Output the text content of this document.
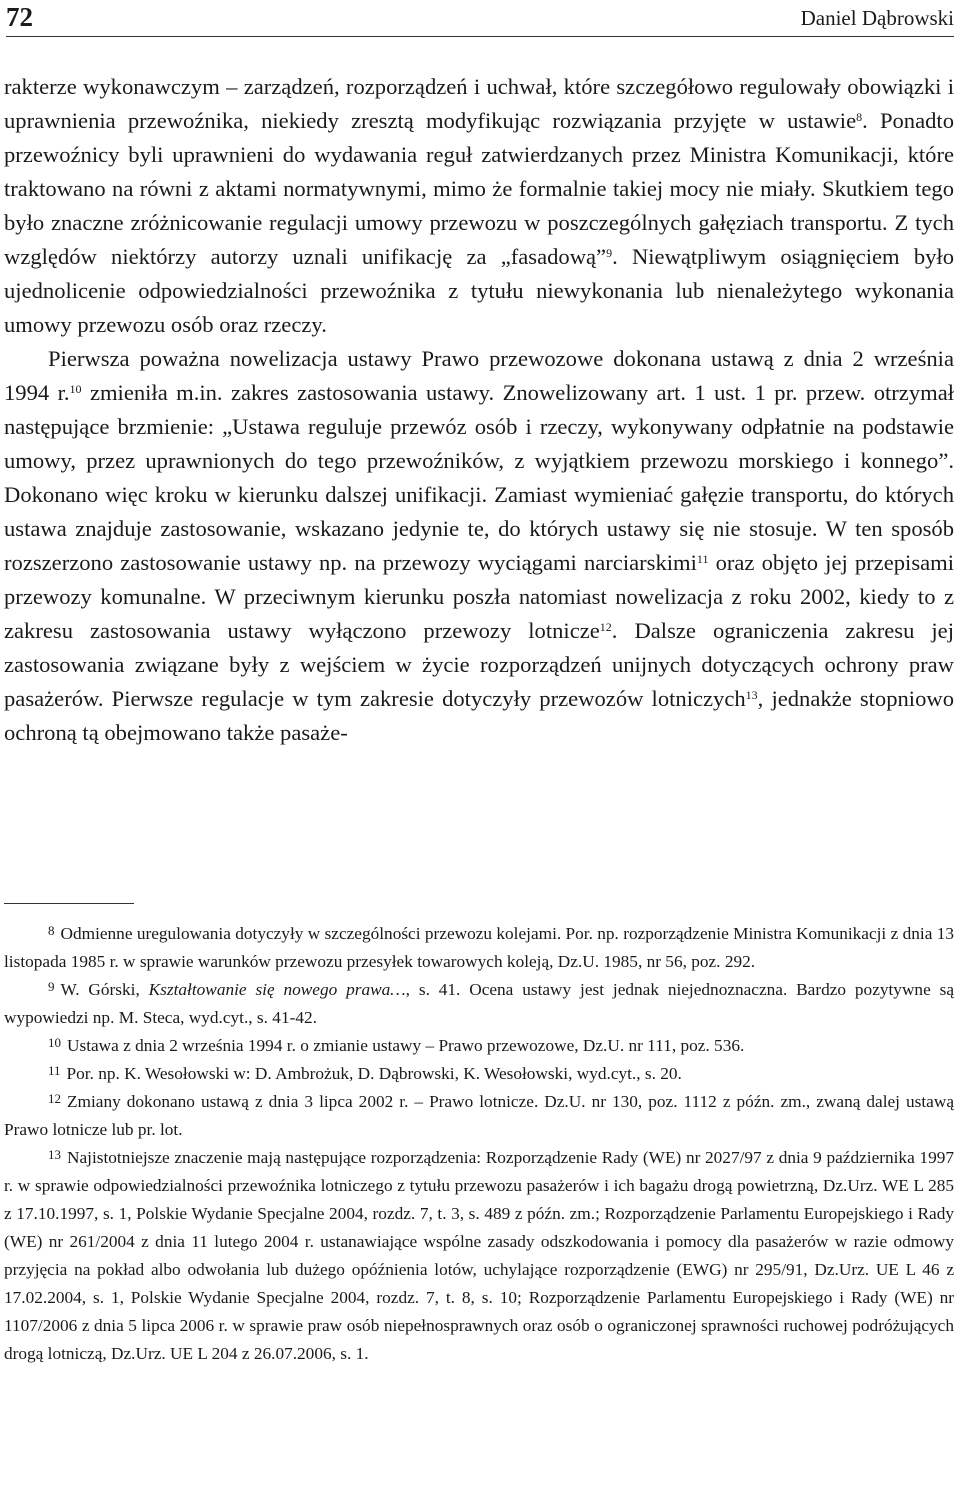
72	Daniel Dąbrowski

rakterze wykonawczym – zarządzeń, rozporządzeń i uchwał, które szczegółowo regulowały obowiązki i uprawnienia przewoźnika, niekiedy zresztą modyfikując rozwiązania przyjęte w ustawie$^8$. Ponadto przewoźnicy byli uprawnieni do wydawania reguł zatwierdzanych przez Ministra Komunikacji, które traktowano na równi z aktami normatywnymi, mimo że formalnie takiej mocy nie miały. Skutkiem tego było znaczne zróżnicowanie regulacji umowy przewozu w poszczególnych gałęziach transportu. Z tych względów niektórzy autorzy uznali unifikację za „fasadową”$^9$. Niewątpliwym osiągnięciem było ujednolicenie odpowiedzialności przewoźnika z tytułu niewykonania lub nienależytego wykonania umowy przewozu osób oraz rzeczy.

Pierwsza poważna nowelizacja ustawy Prawo przewozowe dokonana ustawą z dnia 2 września 1994 r.$^{10}$ zmieniła m.in. zakres zastosowania ustawy. Znowelizowany art. 1 ust. 1 pr. przew. otrzymał następujące brzmienie: „Ustawa reguluje przewóz osób i rzeczy, wykonywany odpłatnie na podstawie umowy, przez uprawnionych do tego przewoźników, z wyjątkiem przewozu morskiego i konnego”. Dokonano więc kroku w kierunku dalszej unifikacji. Zamiast wymieniać gałęzie transportu, do których ustawa znajduje zastosowanie, wskazano jedynie te, do których ustawy się nie stosuje. W ten sposób rozszerzono zastosowanie ustawy np. na przewozy wyciągami narciarskimi$^{11}$ oraz objęto jej przepisami przewozy komunalne. W przeciwnym kierunku poszła natomiast nowelizacja z roku 2002, kiedy to z zakresu zastosowania ustawy wyłączono przewozy lotnicze$^{12}$. Dalsze ograniczenia zakresu jej zastosowania związane były z wejściem w życie rozporządzeń unijnych dotyczących ochrony praw pasażerów. Pierwsze regulacje w tym zakresie dotyczyły przewozów lotniczych$^{13}$, jednakże stopniowo ochroną tą obejmowano także pasaże-

8 Odmienne uregulowania dotyczyły w szczególności przewozu kolejami. Por. np. rozporządzenie Ministra Komunikacji z dnia 13 listopada 1985 r. w sprawie warunków przewozu przesyłek towarowych koleją, Dz.U. 1985, nr 56, poz. 292.

9 W. Górski, Kształtowanie się nowego prawa…, s. 41. Ocena ustawy jest jednak niejednoznaczna. Bardzo pozytywne są wypowiedzi np. M. Steca, wyd.cyt., s. 41-42.

10 Ustawa z dnia 2 września 1994 r. o zmianie ustawy – Prawo przewozowe, Dz.U. nr 111, poz. 536.

11 Por. np. K. Wesołowski w: D. Ambrożuk, D. Dąbrowski, K. Wesołowski, wyd.cyt., s. 20.

12 Zmiany dokonano ustawą z dnia 3 lipca 2002 r. – Prawo lotnicze. Dz.U. nr 130, poz. 1112 z późn. zm., zwaną dalej ustawą Prawo lotnicze lub pr. lot.

13 Najistotniejsze znaczenie mają następujące rozporządzenia: Rozporządzenie Rady (WE) nr 2027/97 z dnia 9 października 1997 r. w sprawie odpowiedzialności przewoźnika lotniczego z tytułu przewozu pasażerów i ich bagażu drogą powietrzną, Dz.Urz. WE L 285 z 17.10.1997, s. 1, Polskie Wydanie Specjalne 2004, rozdz. 7, t. 3, s. 489 z późn. zm.; Rozporządzenie Parlamentu Europejskiego i Rady (WE) nr 261/2004 z dnia 11 lutego 2004 r. ustanawiające wspólne zasady odszkodowania i pomocy dla pasażerów w razie odmowy przyjęcia na pokład albo odwołania lub dużego opóźnienia lotów, uchylające rozporządzenie (EWG) nr 295/91, Dz.Urz. UE L 46 z 17.02.2004, s. 1, Polskie Wydanie Specjalne 2004, rozdz. 7, t. 8, s. 10; Rozporządzenie Parlamentu Europejskiego i Rady (WE) nr 1107/2006 z dnia 5 lipca 2006 r. w sprawie praw osób niepełnosprawnych oraz osób o ograniczonej sprawności ruchowej podróżujących drogą lotniczą, Dz.Urz. UE L 204 z 26.07.2006, s. 1.
